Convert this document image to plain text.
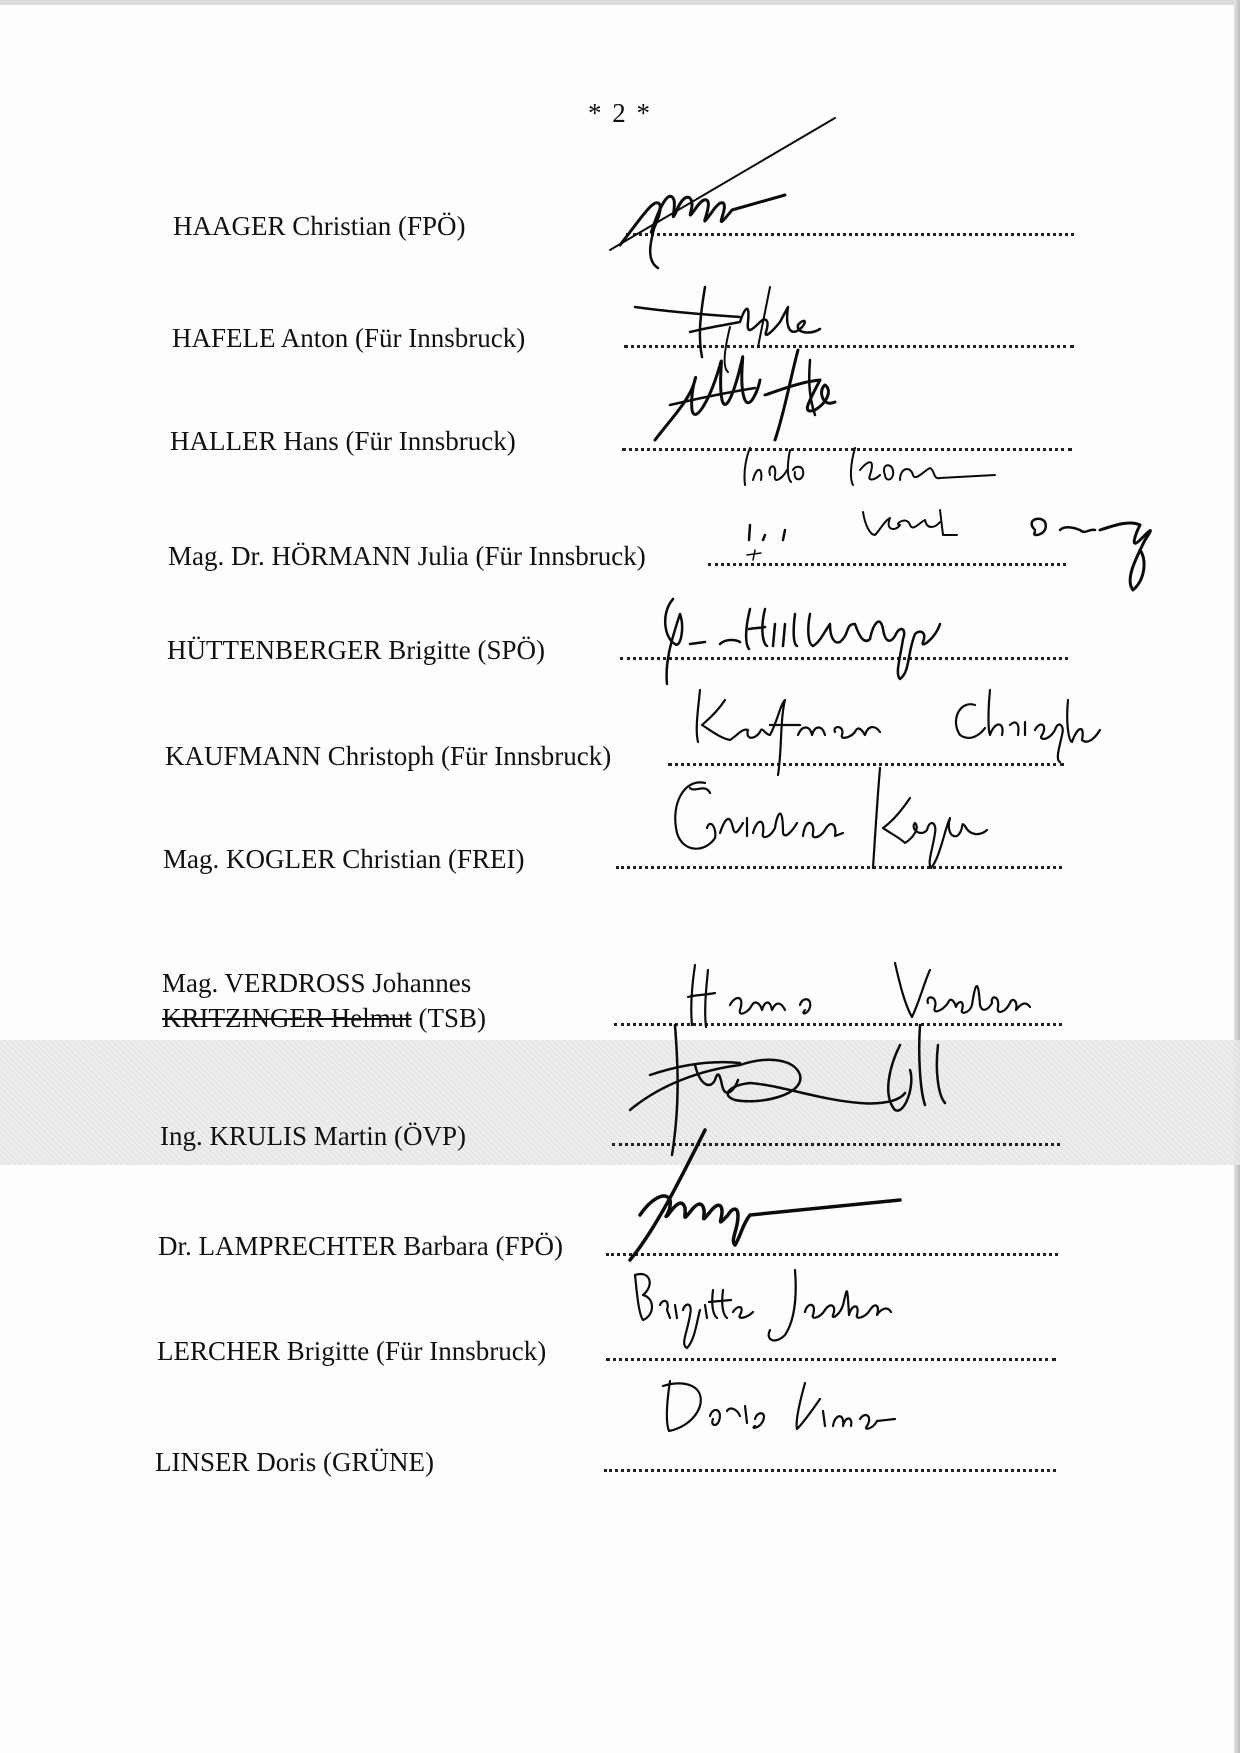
* 2 *
HAAGER Christian (FPÖ)
HAFELE Anton (Für Innsbruck)
HALLER Hans (Für Innsbruck)
Mag. Dr. HÖRMANN Julia (Für Innsbruck)
HÜTTENBERGER Brigitte (SPÖ)
KAUFMANN Christoph (Für Innsbruck)
Mag. KOGLER Christian (FREI)
Mag. VERDROSS Johannes
KRITZINGER Helmut (TSB)
Ing. KRULIS Martin (ÖVP)
Dr. LAMPRECHTER Barbara (FPÖ)
LERCHER Brigitte (Für Innsbruck)
LINSER Doris (GRÜNE)
